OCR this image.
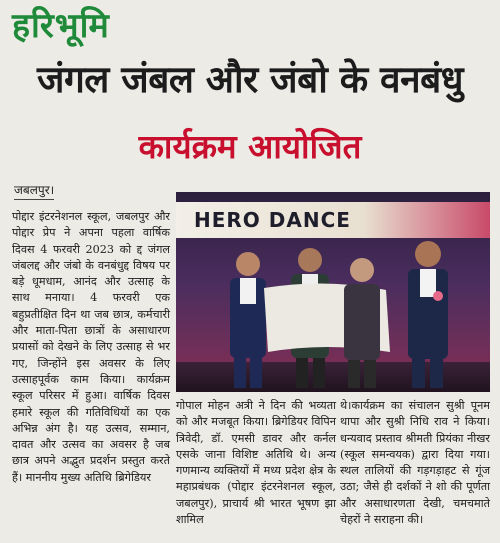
हरिभूमि
जंगल जंबल और जंबो के वनबंधु
कार्यक्रम आयोजित
जबलपुर।

पोद्दार इंटरनेशनल स्कूल, जबलपुर और पोद्दार प्रेप ने अपना पहला वार्षिक दिवस 4 फरवरी 2023 को द्द जंगल जंबलद्द और जंबो के वनबंधुद्द विषय पर बड़े धूमधाम, आनंद और उत्साह के साथ मनाया। 4 फरवरी एक बहुप्रतीक्षित दिन था जब छात्र, कर्मचारी और माता-पिता छात्रों के असाधारण प्रयासों को देखने के लिए उत्साह से भर गए, जिन्होंने इस अवसर के लिए उत्साहपूर्वक काम किया। कार्यक्रम स्कूल परिसर में हुआ। वार्षिक दिवस हमारे स्कूल की गतिविधियों का एक अभिन्न अंग है। यह उत्सव, सम्मान, दावत और उत्सव का अवसर है जब छात्र अपने अद्भुत प्रदर्शन प्रस्तुत करते हैं। माननीय मुख्य अतिथि ब्रिगेडियर

HERO DANCE

गोपाल मोहन अत्री ने दिन की भव्यता को और मजबूत किया। ब्रिगेडियर विपिन त्रिवेदी, डॉ. एमसी डावर और कर्नल एसके जाना विशिष्ट अतिथि थे। अन्य गणमान्य व्यक्तियों में मध्य प्रदेश क्षेत्र के महाप्रबंधक (पोद्दार इंटरनेशनल स्कूल, जबलपुर), प्राचार्य श्री भारत भूषण झा शामिल

थे।कार्यक्रम का संचालन सुश्री पूनम थापा और सुश्री निधि राव ने किया। धन्यवाद प्रस्ताव श्रीमती प्रियंका नीखर (स्कूल समन्वयक) द्वारा दिया गया।स्थल तालियों की गड़गड़ाहट से गूंज उठा; जैसे ही दर्शकों ने शो की पूर्णता और असाधारणता देखी, चमचमाते चेहरों ने सराहना की।
